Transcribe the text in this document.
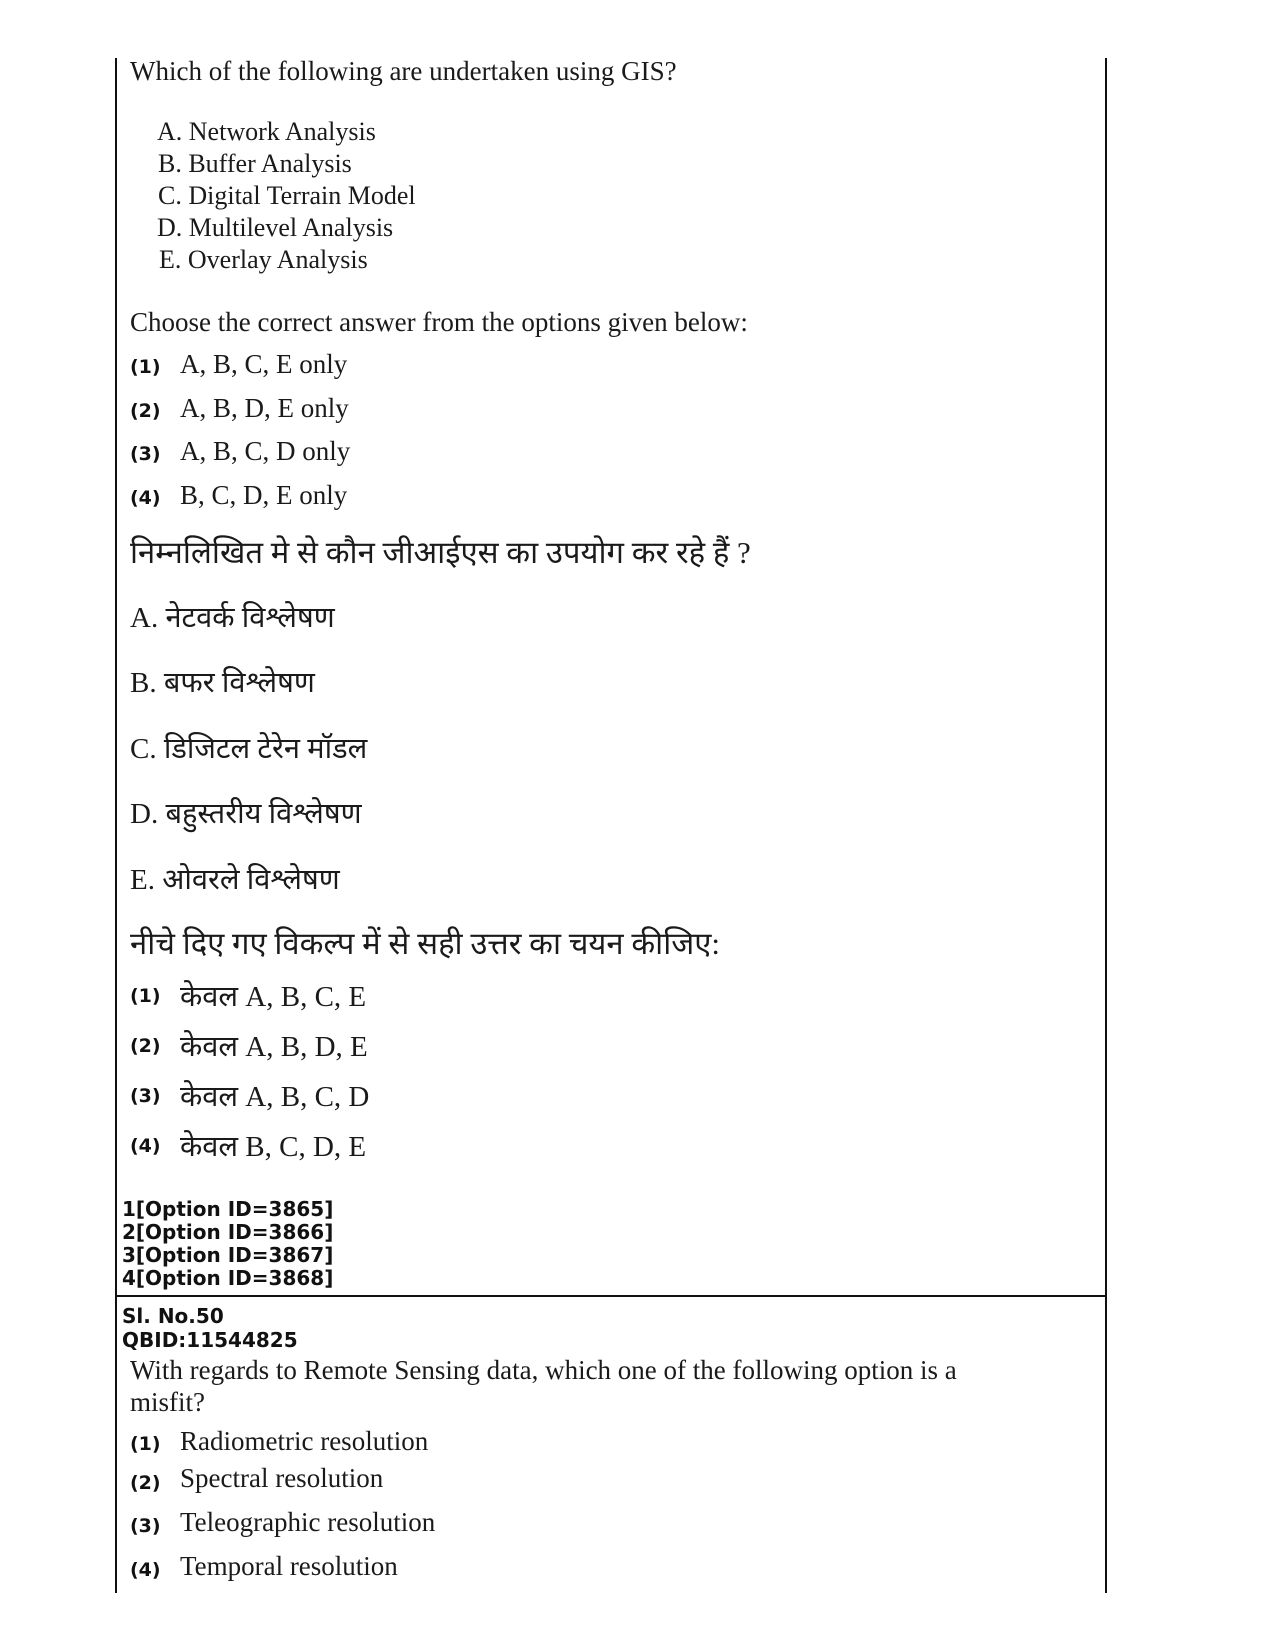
Which of the following are undertaken using GIS?
A. Network Analysis
B. Buffer Analysis
C. Digital Terrain Model
D. Multilevel Analysis
E. Overlay Analysis
Choose the correct answer from the options given below:
(1) A, B, C, E only
(2) A, B, D, E only
(3) A, B, C, D only
(4) B, C, D, E only
निम्नलिखित मे से कौन जीआईएस का उपयोग कर रहे हैं ?
A. नेटवर्क विश्लेषण
B. बफर विश्लेषण
C. डिजिटल टेरेन मॉडल
D. बहुस्तरीय विश्लेषण
E. ओवरले विश्लेषण
नीचे दिए गए विकल्प में से सही उत्तर का चयन कीजिए:
(1) केवल A, B, C, E
(2) केवल A, B, D, E
(3) केवल A, B, C, D
(4) केवल B, C, D, E
1[Option ID=3865]
2[Option ID=3866]
3[Option ID=3867]
4[Option ID=3868]
Sl. No.50
QBID:11544825
With regards to Remote Sensing data, which one of the following option is a misfit?
(1) Radiometric resolution
(2) Spectral resolution
(3) Teleographic resolution
(4) Temporal resolution
